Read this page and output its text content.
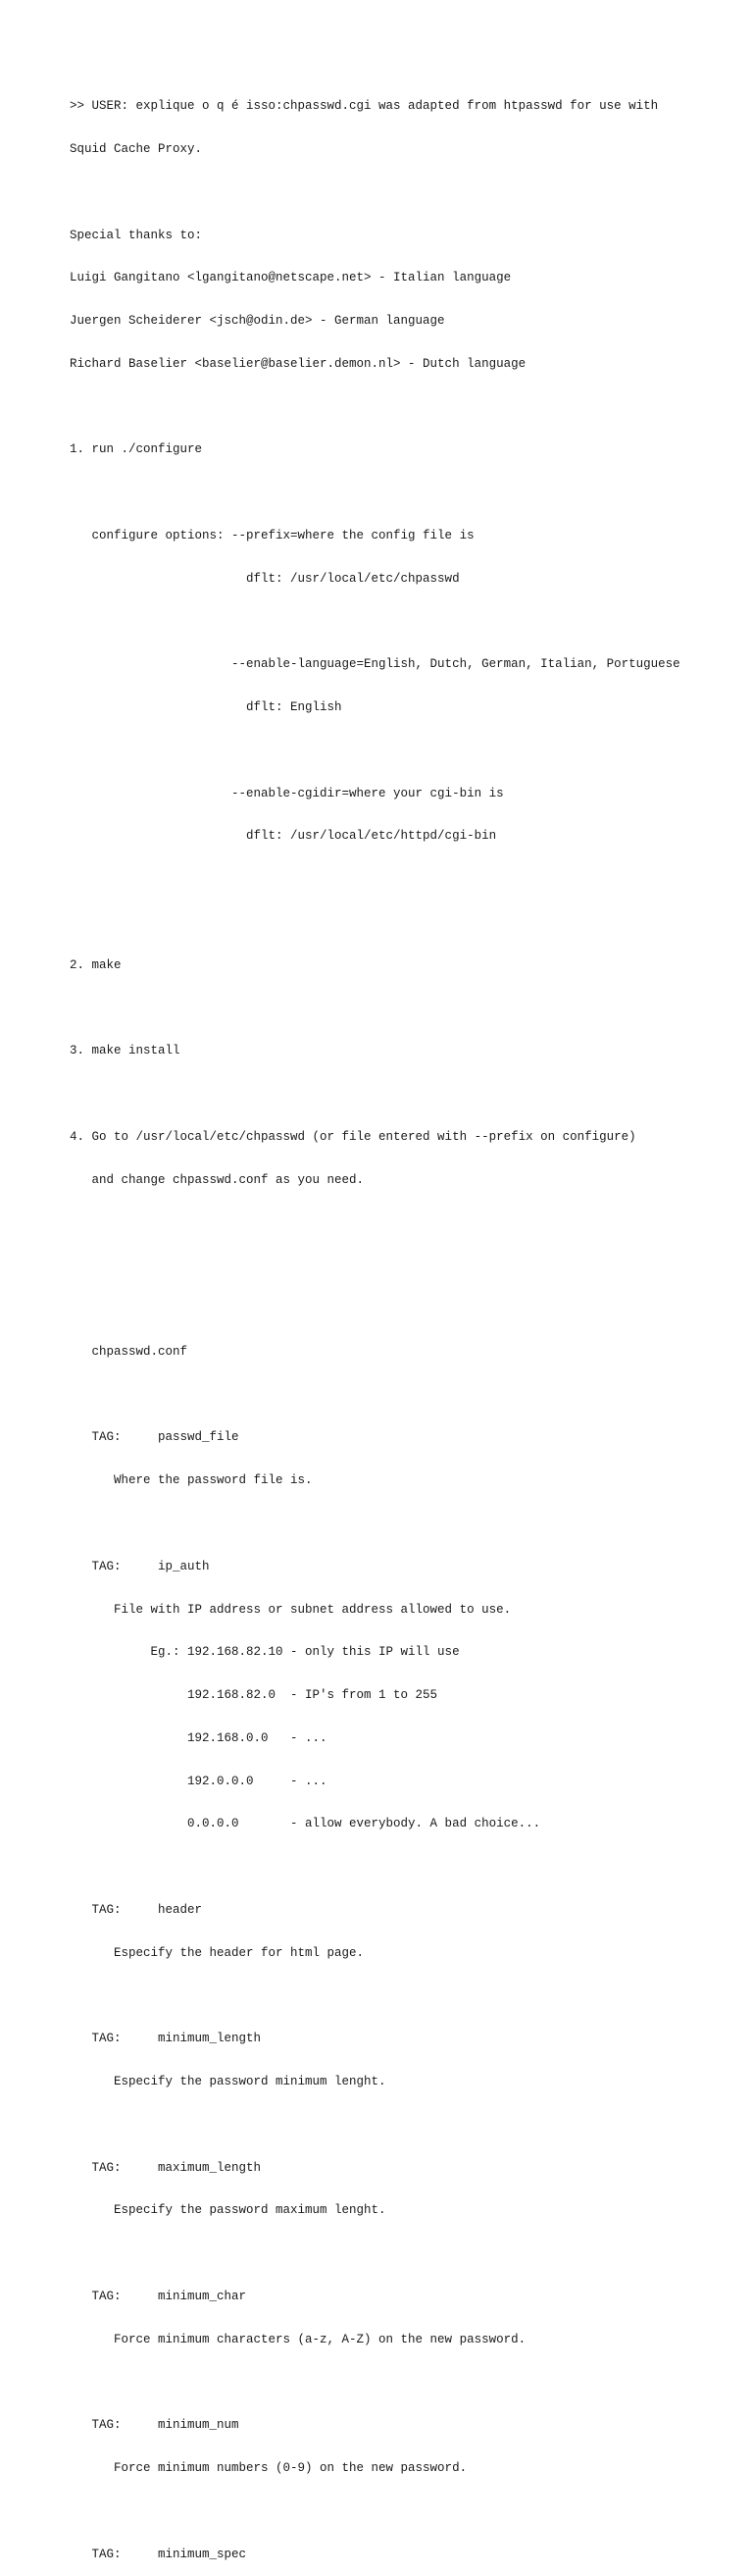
>> USER: explique o q é isso:chpasswd.cgi was adapted from htpasswd for use with

Squid Cache Proxy.

Special thanks to:

Luigi Gangitano <lgangitano@netscape.net> - Italian language

Juergen Scheiderer <jsch@odin.de> - German language

Richard Baselier <baselier@baselier.demon.nl> - Dutch language

1. run ./configure

configure options: --prefix=where the config file is

dflt: /usr/local/etc/chpasswd

--enable-language=English, Dutch, German, Italian, Portuguese

dflt: English

--enable-cgidir=where your cgi-bin is

dflt: /usr/local/etc/httpd/cgi-bin

2. make

3. make install

4. Go to /usr/local/etc/chpasswd (or file entered with --prefix on configure)

and change chpasswd.conf as you need.

chpasswd.conf

TAG:     passwd_file

Where the password file is.

TAG:     ip_auth

File with IP address or subnet address allowed to use.

Eg.: 192.168.82.10 - only this IP will use

192.168.82.0  - IP's from 1 to 255

192.168.0.0   - ...

192.0.0.0     - ...

0.0.0.0       - allow everybody. A bad choice...

TAG:     header

Especify the header for html page.

TAG:     minimum_length

Especify the password minimum lenght.

TAG:     maximum_length

Especify the password maximum lenght.

TAG:     minimum_char

Force minimum characters (a-z, A-Z) on the new password.

TAG:     minimum_num

Force minimum numbers (0-9) on the new password.

TAG:     minimum_spec
